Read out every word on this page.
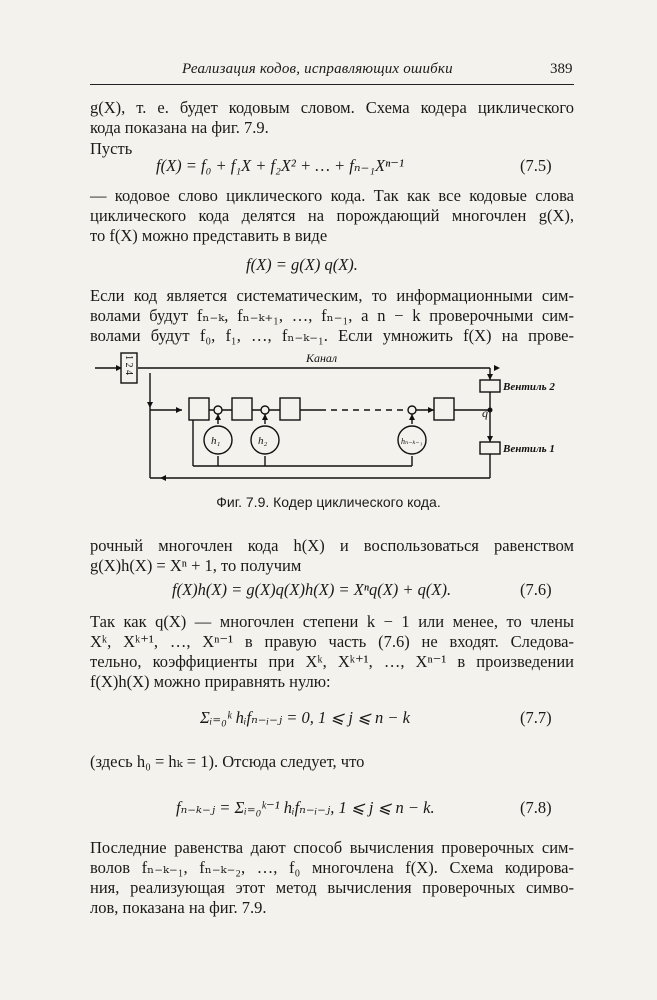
Реализация кодов, исправляющих ошибки	389
g(X), т. е. будет кодовым словом. Схема кодера циклического
кода показана на фиг. 7.9.
Пусть
f(X) = f₀ + f₁X + f₂X² + … + fₙ₋₁Xⁿ⁻¹	(7.5)
— кодовое слово циклического кода. Так как все кодовые слова
циклического кода делятся на порождающий многочлен g(X),
то f(X) можно представить в виде
f(X) = g(X) q(X).
Если код является систематическим, то информационными сим-
волами будут fₙ₋ₖ, fₙ₋ₖ₊₁, …, fₙ₋₁, а n − k проверочными сим-
волами будут f₀, f₁, …, fₙ₋ₖ₋₁. Если умножить f(X) на прове-
1 2 4	Канал
Вентиль 2
Вентиль 1
q
h₁	h₂	hₙ₋ₖ₋₁
Фиг. 7.9. Кодер циклического кода.
рочный многочлен кода h(X) и воспользоваться равенством
g(X)h(X) = Xⁿ + 1, то получим
f(X)h(X) = g(X)q(X)h(X) = Xⁿq(X) + q(X).	(7.6)
Так как q(X) — многочлен степени k − 1 или менее, то члены
Xᵏ, Xᵏ⁺¹, …, Xⁿ⁻¹ в правую часть (7.6) не входят. Следова-
тельно, коэффициенты при Xᵏ, Xᵏ⁺¹, …, Xⁿ⁻¹ в произведении
f(X)h(X) можно приравнять нулю:
Σᵢ₌₀ᵏ hᵢfₙ₋ᵢ₋ⱼ = 0, 1 ⩽ j ⩽ n − k	(7.7)
(здесь h₀ = hₖ = 1). Отсюда следует, что
fₙ₋ₖ₋ⱼ = Σᵢ₌₀ᵏ⁻¹ hᵢfₙ₋ᵢ₋ⱼ, 1 ⩽ j ⩽ n − k.	(7.8)
Последние равенства дают способ вычисления проверочных сим-
волов fₙ₋ₖ₋₁, fₙ₋ₖ₋₂, …, f₀ многочлена f(X). Схема кодирова-
ния, реализующая этот метод вычисления проверочных симво-
лов, показана на фиг. 7.9.
